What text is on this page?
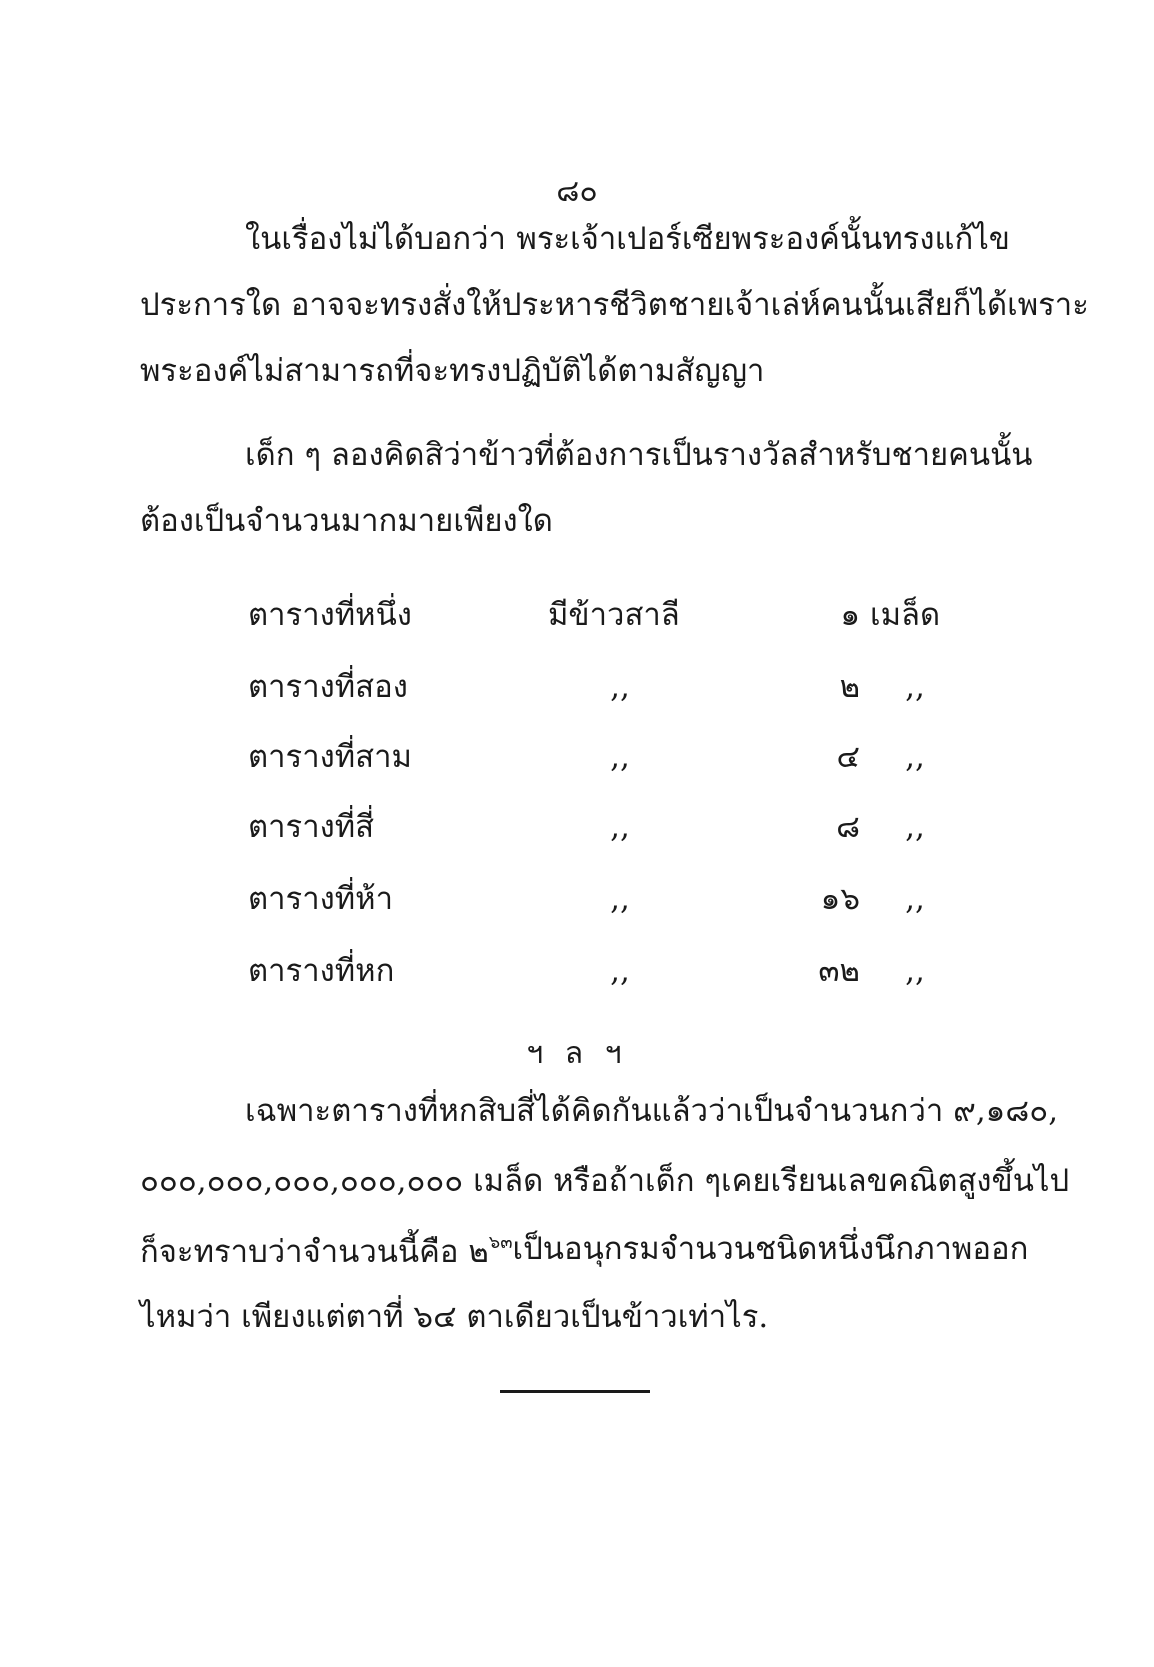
๘๐
ในเรื่องไม่ได้บอกว่า พระเจ้าเปอร์เซียพระองค์นั้นทรงแก้ไข
ประการใด อาจจะทรงสั่งให้ประหารชีวิตชายเจ้าเล่ห์คนนั้นเสียก็ได้ เพราะ
พระองค์ไม่สามารถที่จะทรงปฏิบัติได้ตามสัญญา
เด็ก ๆ ลองคิดสิว่า ข้าวที่ต้องการเป็นรางวัลสำหรับชายคนนั้น
ต้องเป็นจำนวนมากมายเพียงใด
ตารางที่หนึ่ง	มีข้าวสาลี	๑ เมล็ด
ตารางที่สอง	,,	๒	,,
ตารางที่สาม	,,	๔	,,
ตารางที่สี่	,,	๘	,,
ตารางที่ห้า	,,	๑๖	,,
ตารางที่หก	,,	๓๒	,,
ฯ ล ฯ
เฉพาะตารางที่หกสิบสี่ได้คิดกันแล้วว่า เป็นจำนวนกว่า ๙,๑๘๐,
๐๐๐,๐๐๐,๐๐๐,๐๐๐,๐๐๐ เมล็ด หรือถ้าเด็ก ๆ เคยเรียนเลขคณิตสูงขึ้นไป
ก็จะทราบว่าจำนวนนี้คือ ๒$^{๖๓}$ เป็นอนุกรมจำนวนชนิดหนึ่ง นึกภาพออก
ไหมว่า เพียงแต่ตาที่ ๖๔ ตาเดียวเป็นข้าวเท่าไร.
